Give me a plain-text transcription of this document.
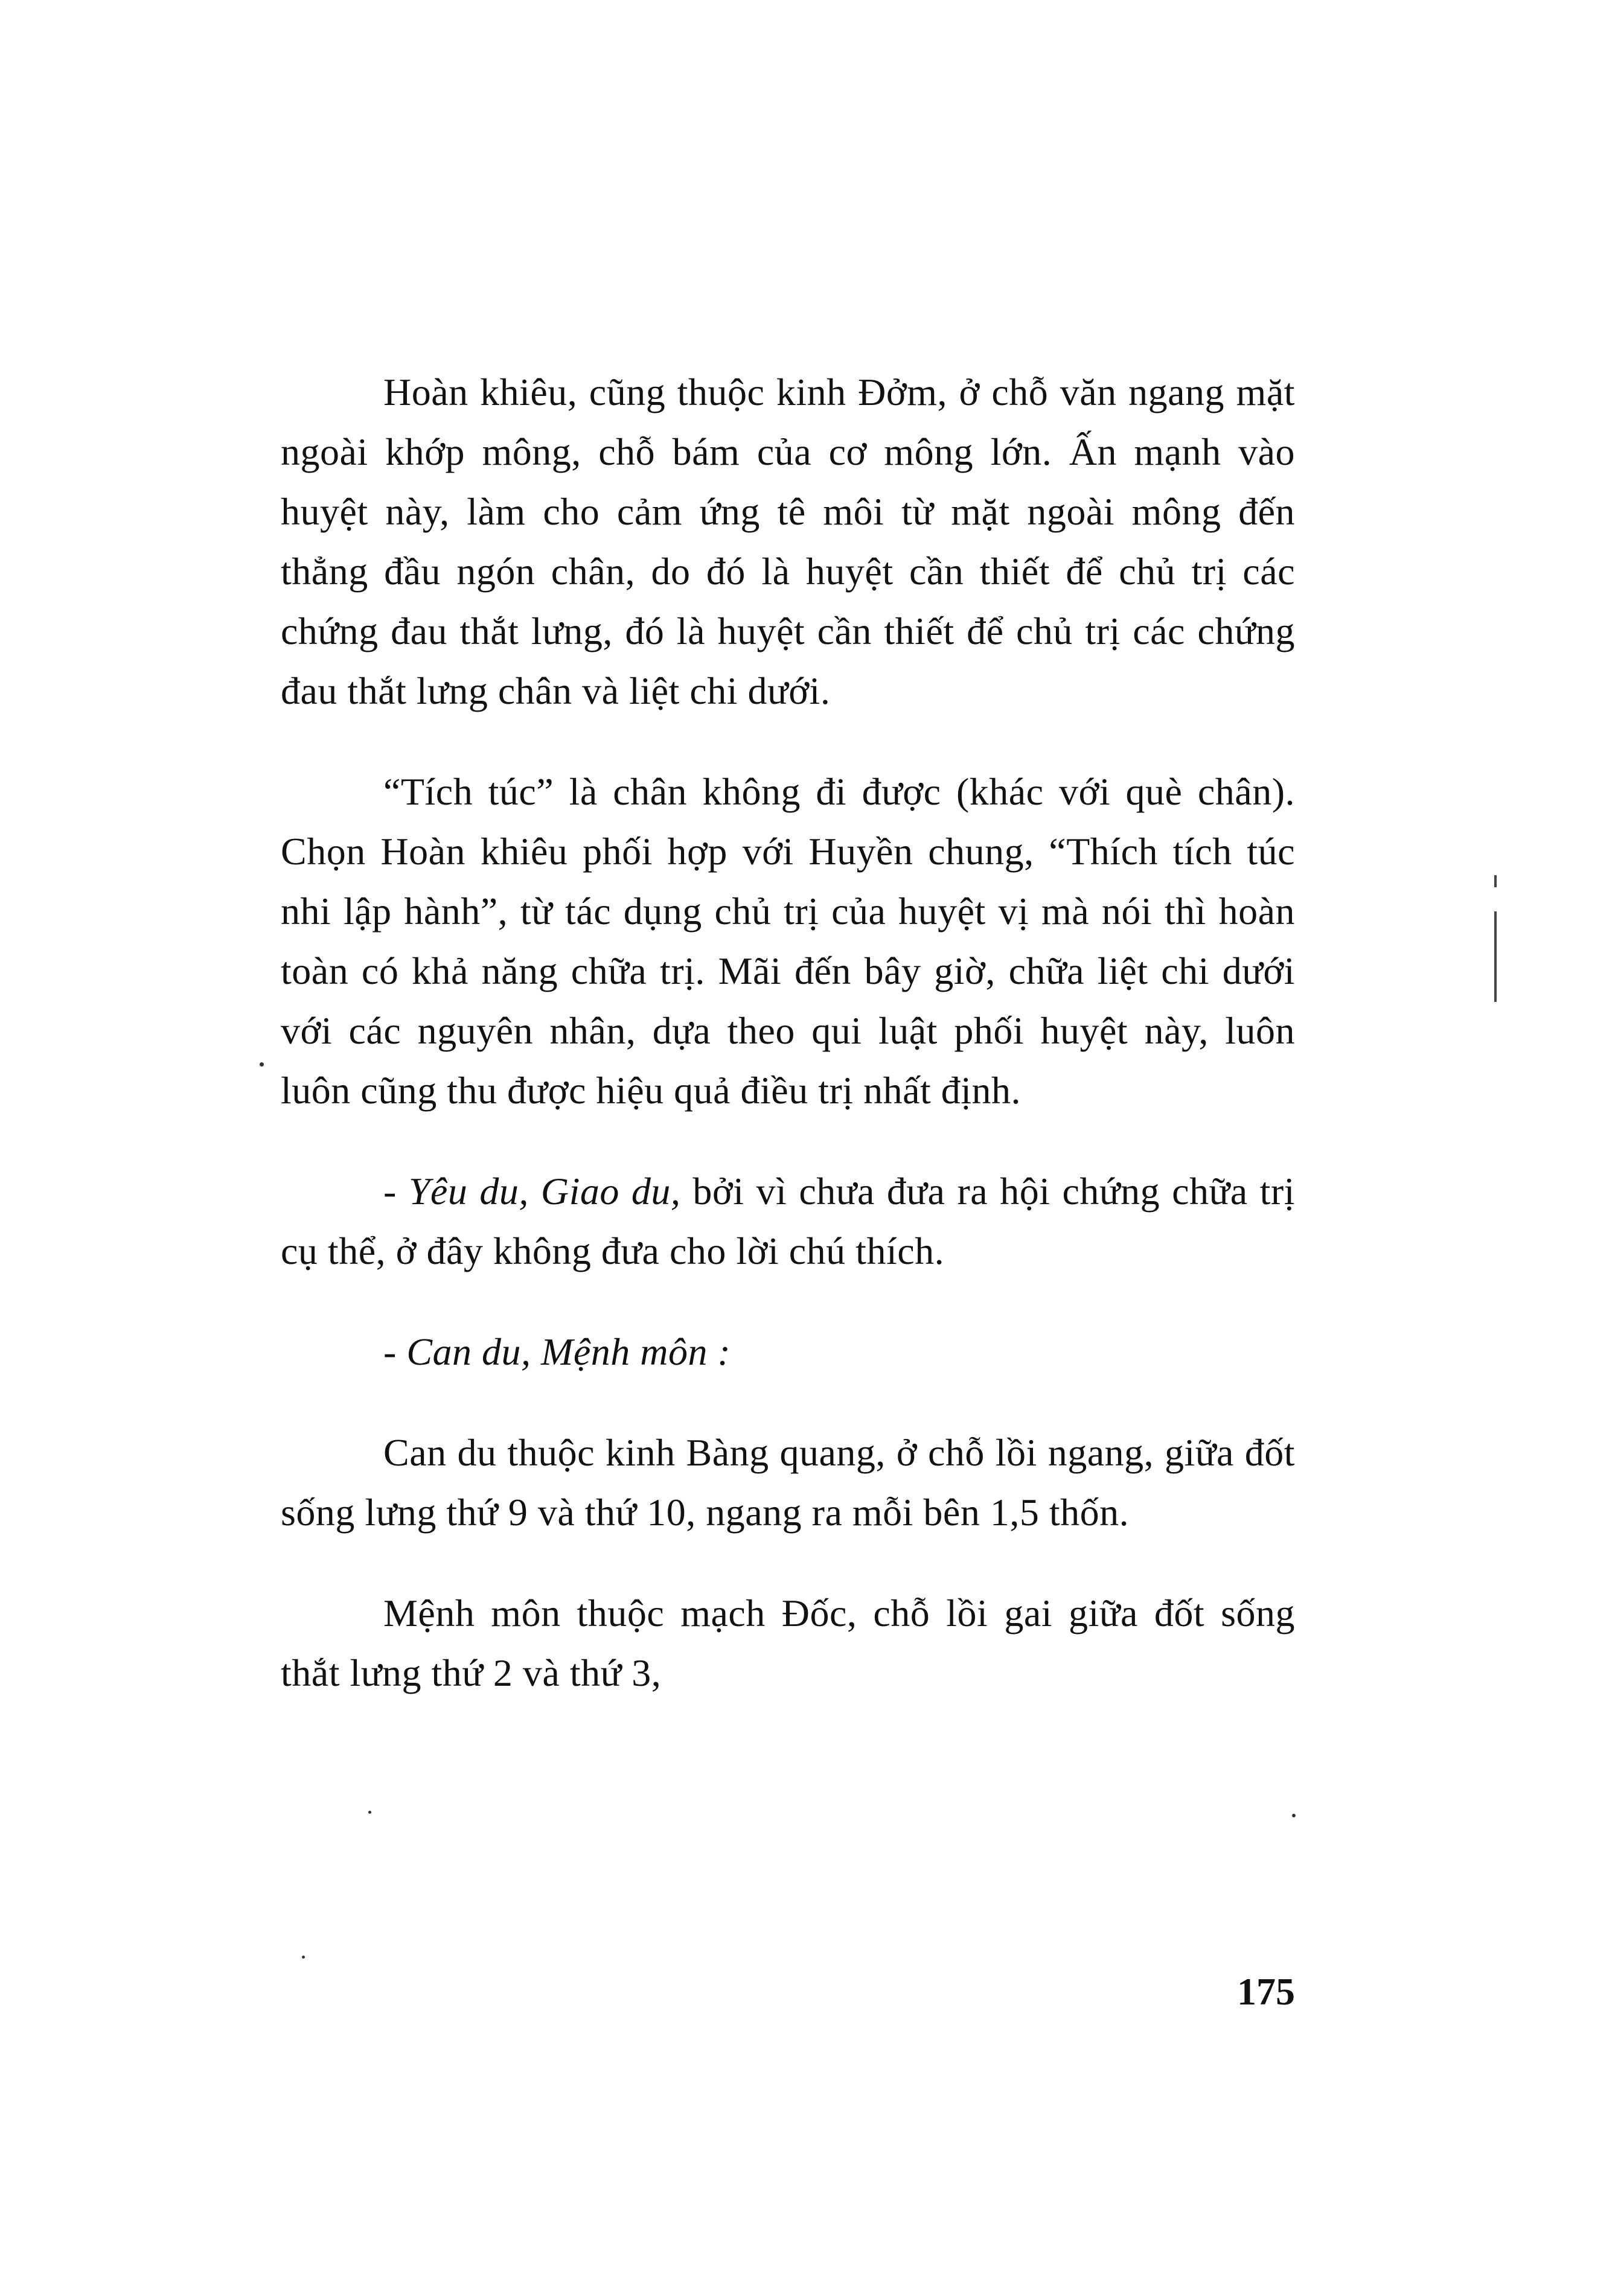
Hoàn khiêu, cũng thuộc kinh Đởm, ở chỗ văn ngang mặt ngoài khớp mông, chỗ bám của cơ mông lớn. Ấn mạnh vào huyệt này, làm cho cảm ứng tê môi từ mặt ngoài mông đến thẳng đầu ngón chân, do đó là huyệt cần thiết để chủ trị các chứng đau thắt lưng, đó là huyệt cần thiết để chủ trị các chứng đau thắt lưng chân và liệt chi dưới.

“Tích túc” là chân không đi được (khác với què chân). Chọn Hoàn khiêu phối hợp với Huyền chung, “Thích tích túc nhi lập hành”, từ tác dụng chủ trị của huyệt vị mà nói thì hoàn toàn có khả năng chữa trị. Mãi đến bây giờ, chữa liệt chi dưới với các nguyên nhân, dựa theo qui luật phối huyệt này, luôn luôn cũng thu được hiệu quả điều trị nhất định.

- Yêu du, Giao du, bởi vì chưa đưa ra hội chứng chữa trị cụ thể, ở đây không đưa cho lời chú thích.

- Can du, Mệnh môn :

Can du thuộc kinh Bàng quang, ở chỗ lồi ngang, giữa đốt sống lưng thứ 9 và thứ 10, ngang ra mỗi bên 1,5 thốn.

Mệnh môn thuộc mạch Đốc, chỗ lồi gai giữa đốt sống thắt lưng thứ 2 và thứ 3,

175
